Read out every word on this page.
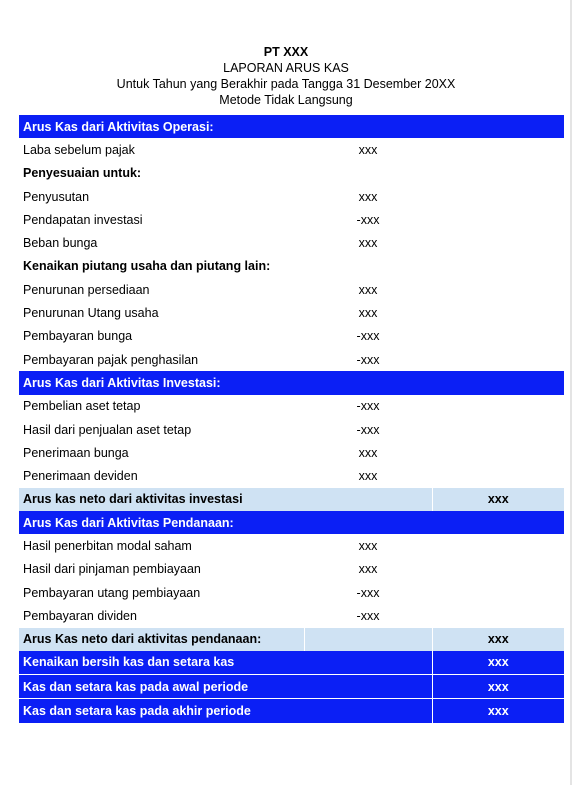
PT XXX
LAPORAN ARUS KAS
Untuk Tahun yang Berakhir pada Tangga 31 Desember 20XX
Metode Tidak Langsung
Arus Kas dari Aktivitas Operasi:		
Laba sebelum pajak	xxx	
Penyesuaian untuk:		
Penyusutan	xxx	
Pendapatan investasi	-xxx	
Beban bunga	xxx	
Kenaikan piutang usaha dan piutang lain:		
Penurunan persediaan	xxx	
Penurunan Utang usaha	xxx	
Pembayaran bunga	-xxx	
Pembayaran pajak penghasilan	-xxx	
Arus Kas dari Aktivitas Investasi:		
Pembelian aset tetap	-xxx	
Hasil dari penjualan aset tetap	-xxx	
Penerimaan bunga	xxx	
Penerimaan deviden	xxx	
Arus kas neto dari aktivitas investasi		xxx
Arus Kas dari Aktivitas Pendanaan:		
Hasil penerbitan modal saham	xxx	
Hasil dari pinjaman pembiayaan	xxx	
Pembayaran utang pembiayaan	-xxx	
Pembayaran dividen	-xxx	
Arus Kas neto dari aktivitas pendanaan:		xxx
Kenaikan bersih kas dan setara kas		xxx
Kas dan setara kas pada awal periode		xxx
Kas dan setara kas pada akhir periode		xxx
